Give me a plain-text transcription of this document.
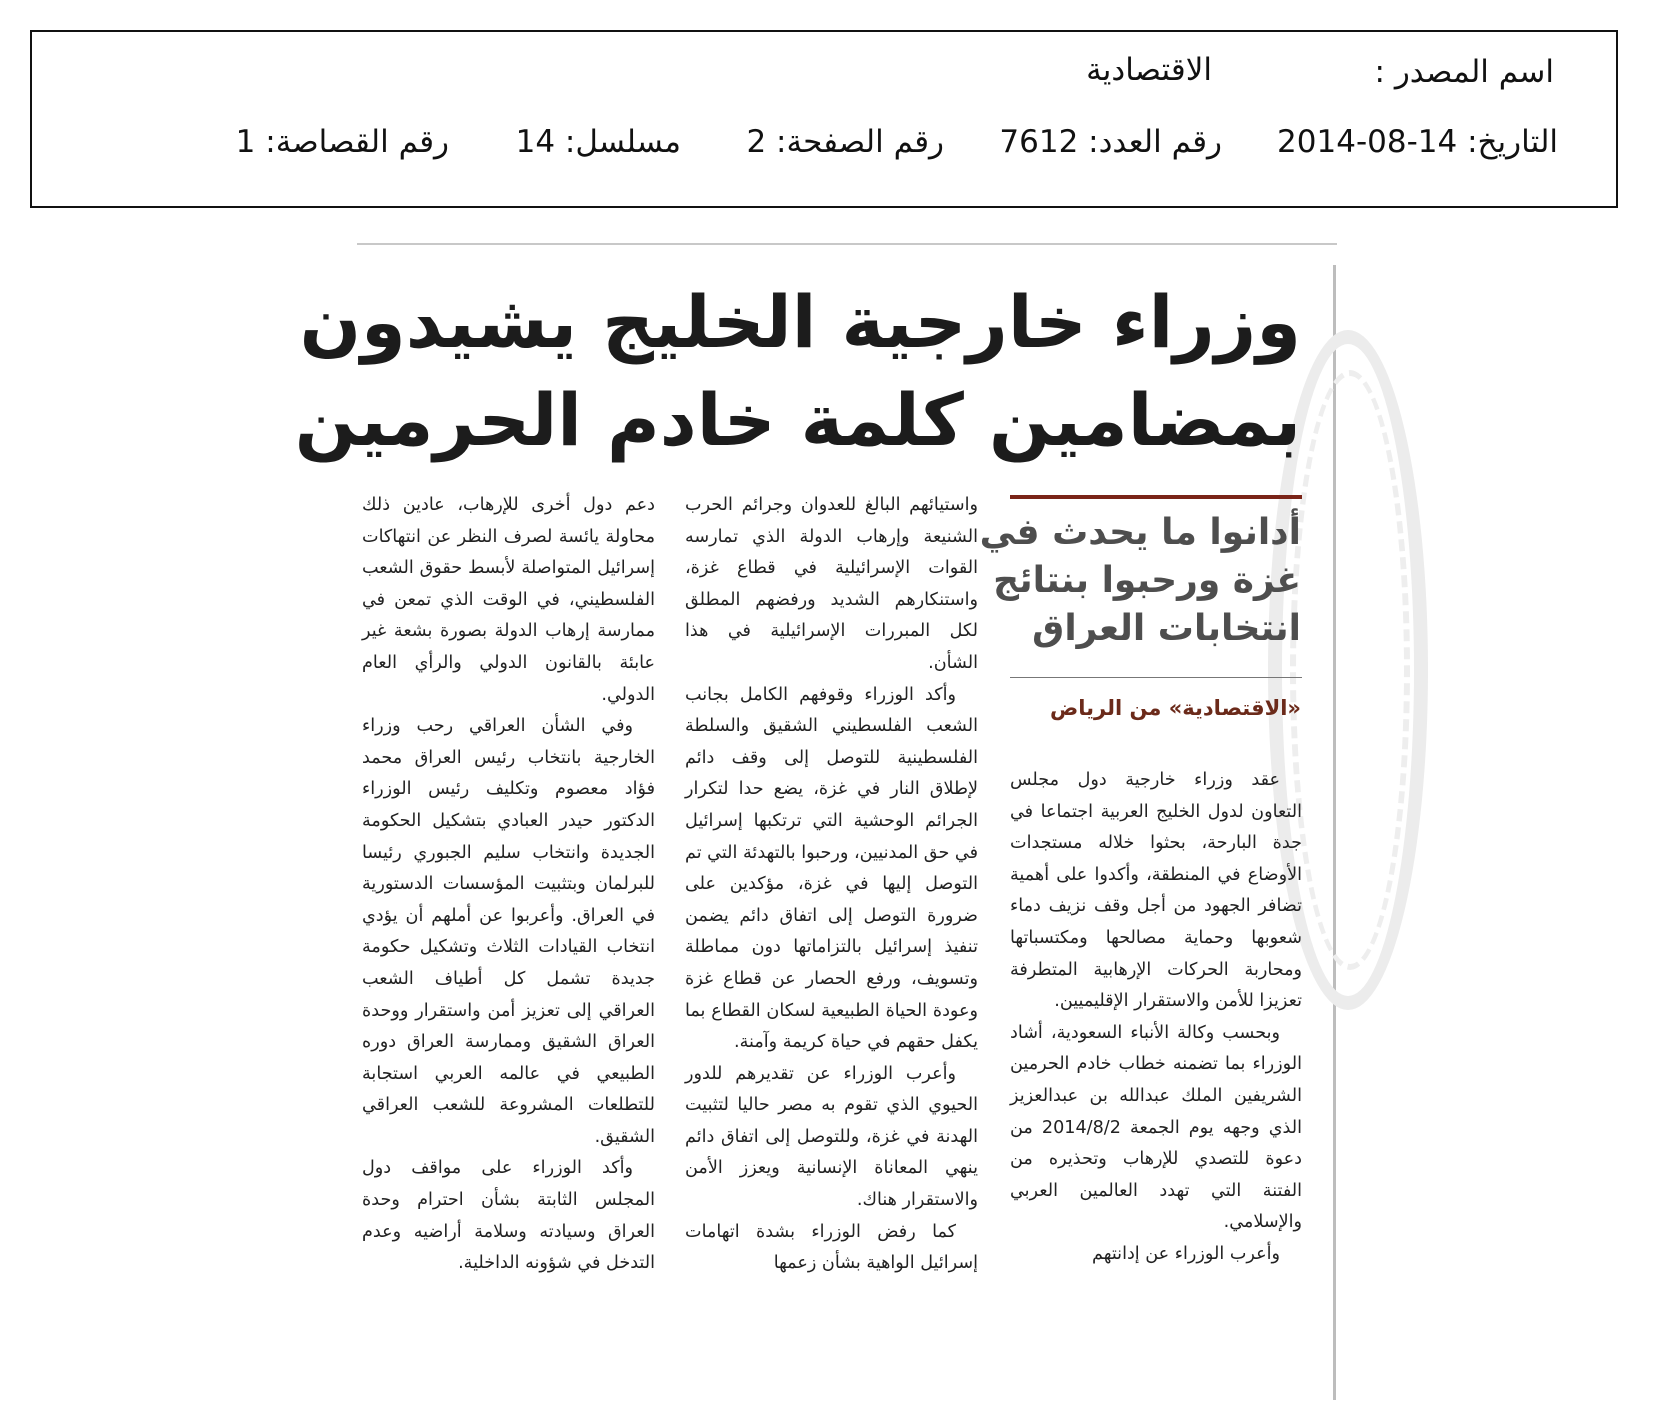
اسم المصدر :
الاقتصادية
التاريخ: 14-08-2014
رقم العدد: 7612
رقم الصفحة: 2
مسلسل: 14
رقم القصاصة: 1
وزراء خارجية الخليج يشيدون
بمضامين كلمة خادم الحرمين
أدانوا ما يحدث في
غزة ورحبوا بنتائج
انتخابات العراق
«الاقتصادية» من الرياض

عقد وزراء خارجية دول مجلس التعاون لدول الخليج العربية اجتماعا في جدة البارحة، بحثوا خلاله مستجدات الأوضاع في المنطقة، وأكدوا على أهمية تضافر الجهود من أجل وقف نزيف دماء شعوبها وحماية مصالحها ومكتسباتها ومحاربة الحركات الإرهابية المتطرفة تعزيزا للأمن والاستقرار الإقليميين.

وبحسب وكالة الأنباء السعودية، أشاد الوزراء بما تضمنه خطاب خادم الحرمين الشريفين الملك عبدالله بن عبدالعزيز الذي وجهه يوم الجمعة 2014/8/2 من دعوة للتصدي للإرهاب وتحذيره من الفتنة التي تهدد العالمين العربي والإسلامي.

وأعرب الوزراء عن إدانتهم

واستيائهم البالغ للعدوان وجرائم الحرب الشنيعة وإرهاب الدولة الذي تمارسه القوات الإسرائيلية في قطاع غزة، واستنكارهم الشديد ورفضهم المطلق لكل المبررات الإسرائيلية في هذا الشأن.

وأكد الوزراء وقوفهم الكامل بجانب الشعب الفلسطيني الشقيق والسلطة الفلسطينية للتوصل إلى وقف دائم لإطلاق النار في غزة، يضع حدا لتكرار الجرائم الوحشية التي ترتكبها إسرائيل في حق المدنيين، ورحبوا بالتهدئة التي تم التوصل إليها في غزة، مؤكدين على ضرورة التوصل إلى اتفاق دائم يضمن تنفيذ إسرائيل بالتزاماتها دون مماطلة وتسويف، ورفع الحصار عن قطاع غزة وعودة الحياة الطبيعية لسكان القطاع بما يكفل حقهم في حياة كريمة وآمنة.

وأعرب الوزراء عن تقديرهم للدور الحيوي الذي تقوم به مصر حاليا لتثبيت الهدنة في غزة، وللتوصل إلى اتفاق دائم ينهي المعاناة الإنسانية ويعزز الأمن والاستقرار هناك.

كما رفض الوزراء بشدة اتهامات إسرائيل الواهية بشأن زعمها

دعم دول أخرى للإرهاب، عادين ذلك محاولة يائسة لصرف النظر عن انتهاكات إسرائيل المتواصلة لأبسط حقوق الشعب الفلسطيني، في الوقت الذي تمعن في ممارسة إرهاب الدولة بصورة بشعة غير عابئة بالقانون الدولي والرأي العام الدولي.

وفي الشأن العراقي رحب وزراء الخارجية بانتخاب رئيس العراق محمد فؤاد معصوم وتكليف رئيس الوزراء الدكتور حيدر العبادي بتشكيل الحكومة الجديدة وانتخاب سليم الجبوري رئيسا للبرلمان وبتثبيت المؤسسات الدستورية في العراق. وأعربوا عن أملهم أن يؤدي انتخاب القيادات الثلاث وتشكيل حكومة جديدة تشمل كل أطياف الشعب العراقي إلى تعزيز أمن واستقرار ووحدة العراق الشقيق وممارسة العراق دوره الطبيعي في عالمه العربي استجابة للتطلعات المشروعة للشعب العراقي الشقيق.

وأكد الوزراء على مواقف دول المجلس الثابتة بشأن احترام وحدة العراق وسيادته وسلامة أراضيه وعدم التدخل في شؤونه الداخلية.
